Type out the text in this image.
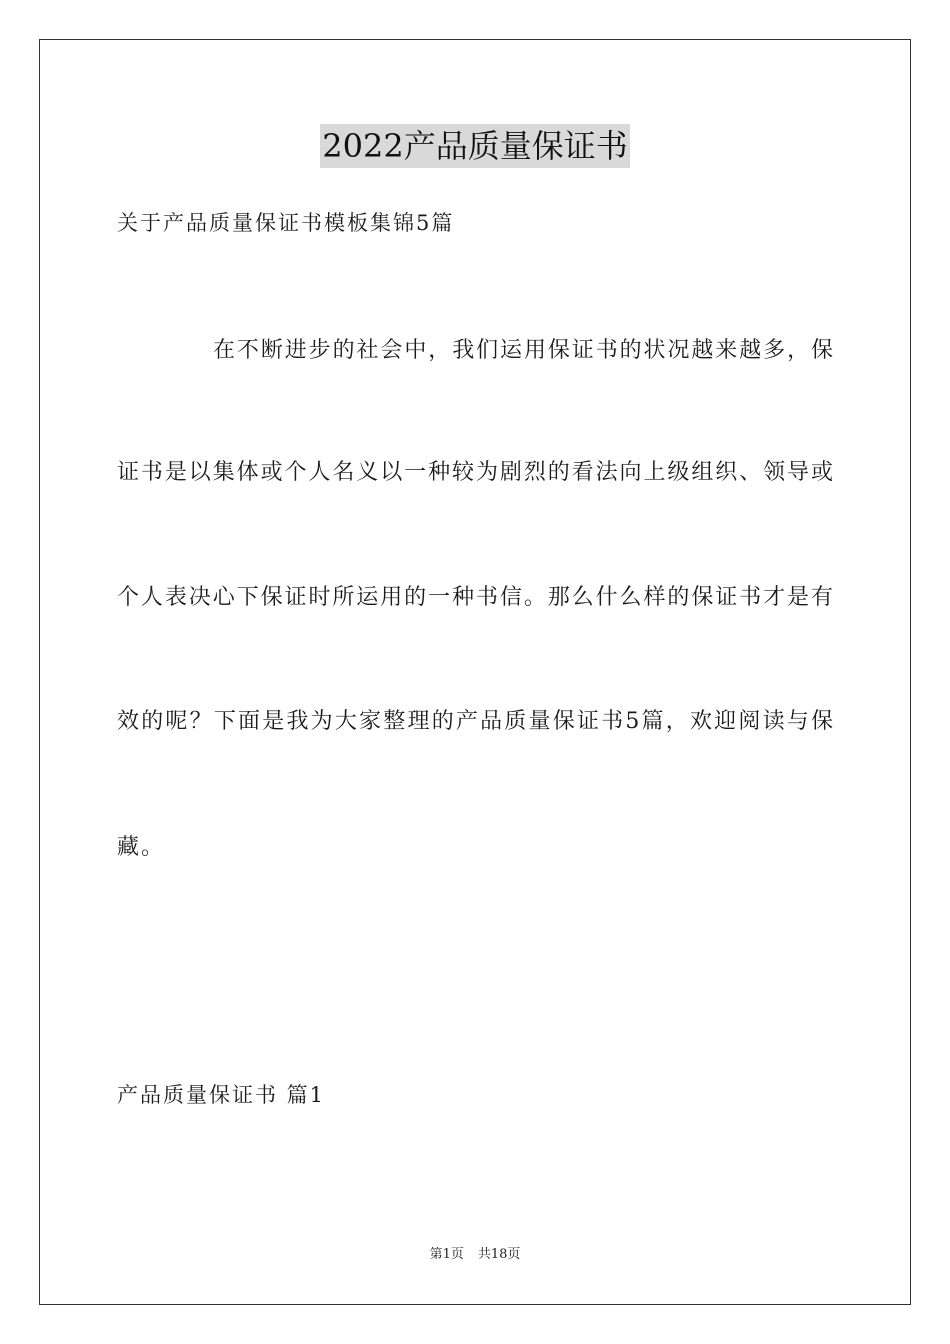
2022产品质量保证书
关于产品质量保证书模板集锦5篇
在不断进步的社会中，我们运用保证书的状况越来越多，保
证书是以集体或个人名义以一种较为剧烈的看法向上级组织、领导或
个人表决心下保证时所运用的一种书信。那么什么样的保证书才是有
效的呢？下面是我为大家整理的产品质量保证书5篇，欢迎阅读与保
藏。
产品质量保证书 篇1
第1页 共18页
